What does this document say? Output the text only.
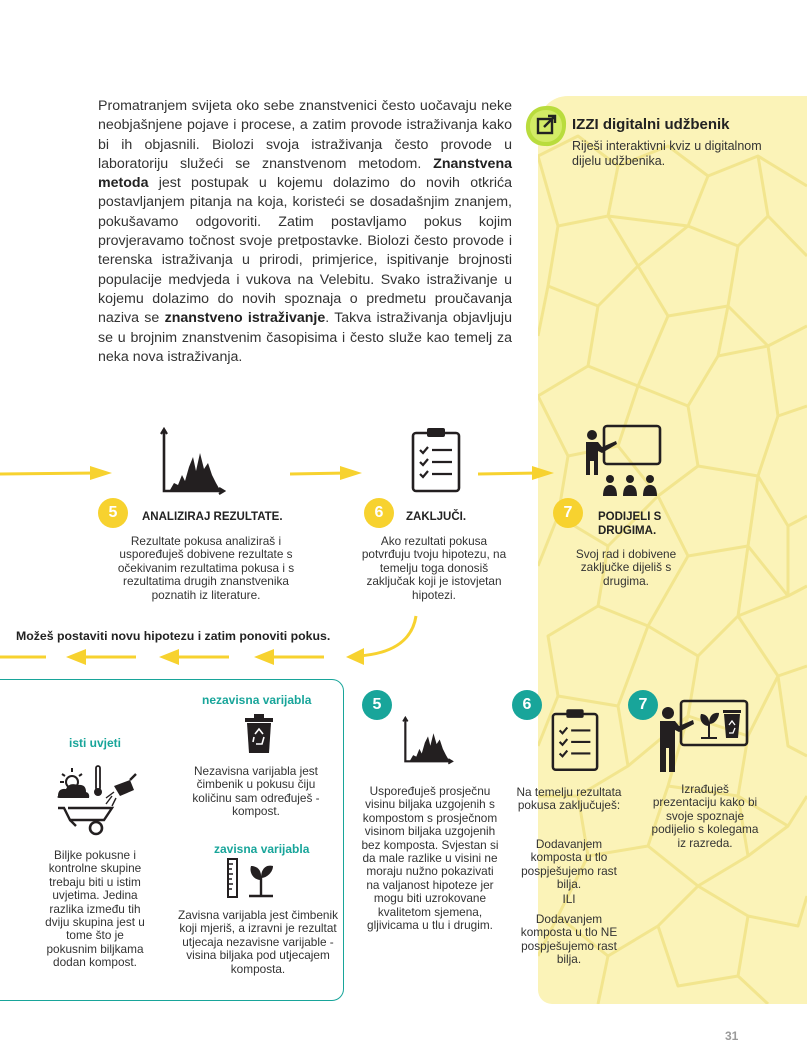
Promatranjem svijeta oko sebe znanstvenici često uočavaju neke neobjašnjene pojave i procese, a zatim provode istraživanja kako bi ih objasnili. Biolozi svoja istraživanja često provode u laboratoriju služeći se znanstvenom metodom. Znanstvena metoda jest postupak u kojemu dolazimo do novih otkrića postavljanjem pitanja na koja, koristeći se dosadašnjim znanjem, pokušavamo odgovoriti. Zatim postavljamo pokus kojim provjeravamo točnost svoje pretpostavke. Biolozi često provode i terenska istraživanja u prirodi, primjerice, ispitivanje brojnosti populacije medvjeda i vukova na Velebitu. Svako istraživanje u kojemu dolazimo do novih spoznaja o predmetu proučavanja naziva se znanstveno istraživanje. Takva istraživanja objavljuju se u brojnim znanstvenim časopisima i često služe kao temelj za neka nova istraživanja.

IZZI digitalni udžbenik
Riješi interaktivni kviz u digitalnom dijelu udžbenika.
5	ANALIZIRAJ REZULTATE.
Rezultate pokusa analiziraš i uspoređuješ dobivene rezultate s očekivanim rezultatima pokusa i s rezultatima drugih znanstvenika poznatih iz literature.
6	ZAKLJUČI.
Ako rezultati pokusa potvrđuju tvoju hipotezu, na temelju toga donosiš zaključak koji je istovjetan hipotezi.
7	PODIJELI S DRUGIMA.
Svoj rad i dobivene zaključke dijeliš s drugima.
Možeš postaviti novu hipotezu i zatim ponoviti pokus.
isti uvjeti
Biljke pokusne i kontrolne skupine trebaju biti u istim uvjetima. Jedina razlika između tih dviju skupina jest u tome što je pokusnim biljkama dodan kompost.
nezavisna varijabla
Nezavisna varijabla jest čimbenik u pokusu čiju količinu sam određuješ - kompost.
zavisna varijabla
Zavisna varijabla jest čimbenik koji mjeriš, a izravni je rezultat utjecaja nezavisne varijable - visina biljaka pod utjecajem komposta.
5
Uspoređuješ prosječnu visinu biljaka uzgojenih s kompostom s prosječnom visinom biljaka uzgojenih bez komposta. Svjestan si da male razlike u visini ne moraju nužno pokazivati na valjanost hipoteze jer mogu biti uzrokovane kvalitetom sjemena, gljivicama u tlu i drugim.
6
Na temelju rezultata pokusa zaključuješ:
Dodavanjem komposta u tlo pospješujemo rast bilja.
ILI
Dodavanjem komposta u tlo NE pospješujemo rast bilja.
7
Izrađuješ prezentaciju kako bi svoje spoznaje podijelio s kolegama iz razreda.
31
